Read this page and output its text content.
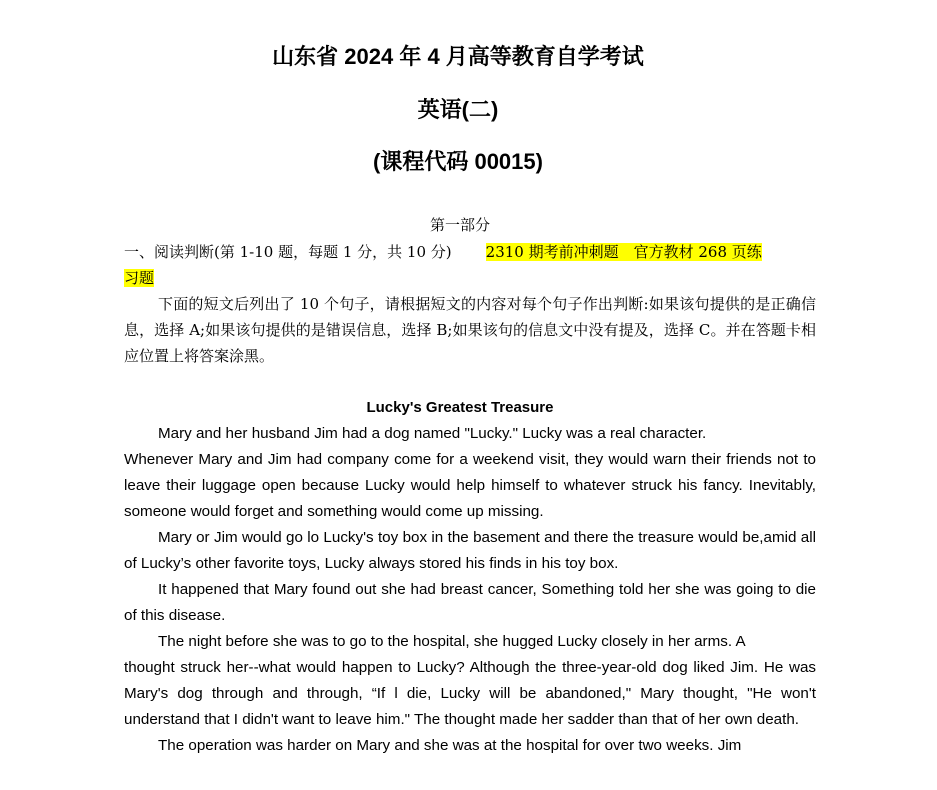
山东省 2024 年 4 月高等教育自学考试
英语(二)
(课程代码 00015)
第一部分
一、阅读判断(第 1-10 题，每题 1 分，共 10 分) 2310 期考前冲刺题　官方教材 268 页练
习题
下面的短文后列出了 10 个句子，请根据短文的内容对每个句子作出判断:如果该句提供的是正确信息，选择 A;如果该句提供的是错误信息，选择 B;如果该句的信息文中没有提及，选择 C。并在答题卡相应位置上将答案涂黑。
Lucky's Greatest Treasure

Mary and her husband Jim had a dog named "Lucky." Lucky was a real character.

Whenever Mary and Jim had company come for a weekend visit, they would warn their friends not to leave their luggage open because Lucky would help himself to whatever struck his fancy. Inevitably, someone would forget and something would come up missing.

Mary or Jim would go lo Lucky's toy box in the basement and there the treasure would be,amid all of Lucky’s other favorite toys, Lucky always stored his finds in his toy box.

It happened that Mary found out she had breast cancer, Something told her she was going to die of this disease.

The night before she was to go to the hospital, she hugged Lucky closely in her arms. A

thought struck her--what would happen to Lucky? Although the three-year-old dog liked Jim. He was Mary's dog through and through, “If l die, Lucky will be abandoned," Mary thought, "He won't understand that I didn't want to leave him." The thought made her sadder than that of her own death.

The operation was harder on Mary and she was at the hospital for over two weeks. Jim
